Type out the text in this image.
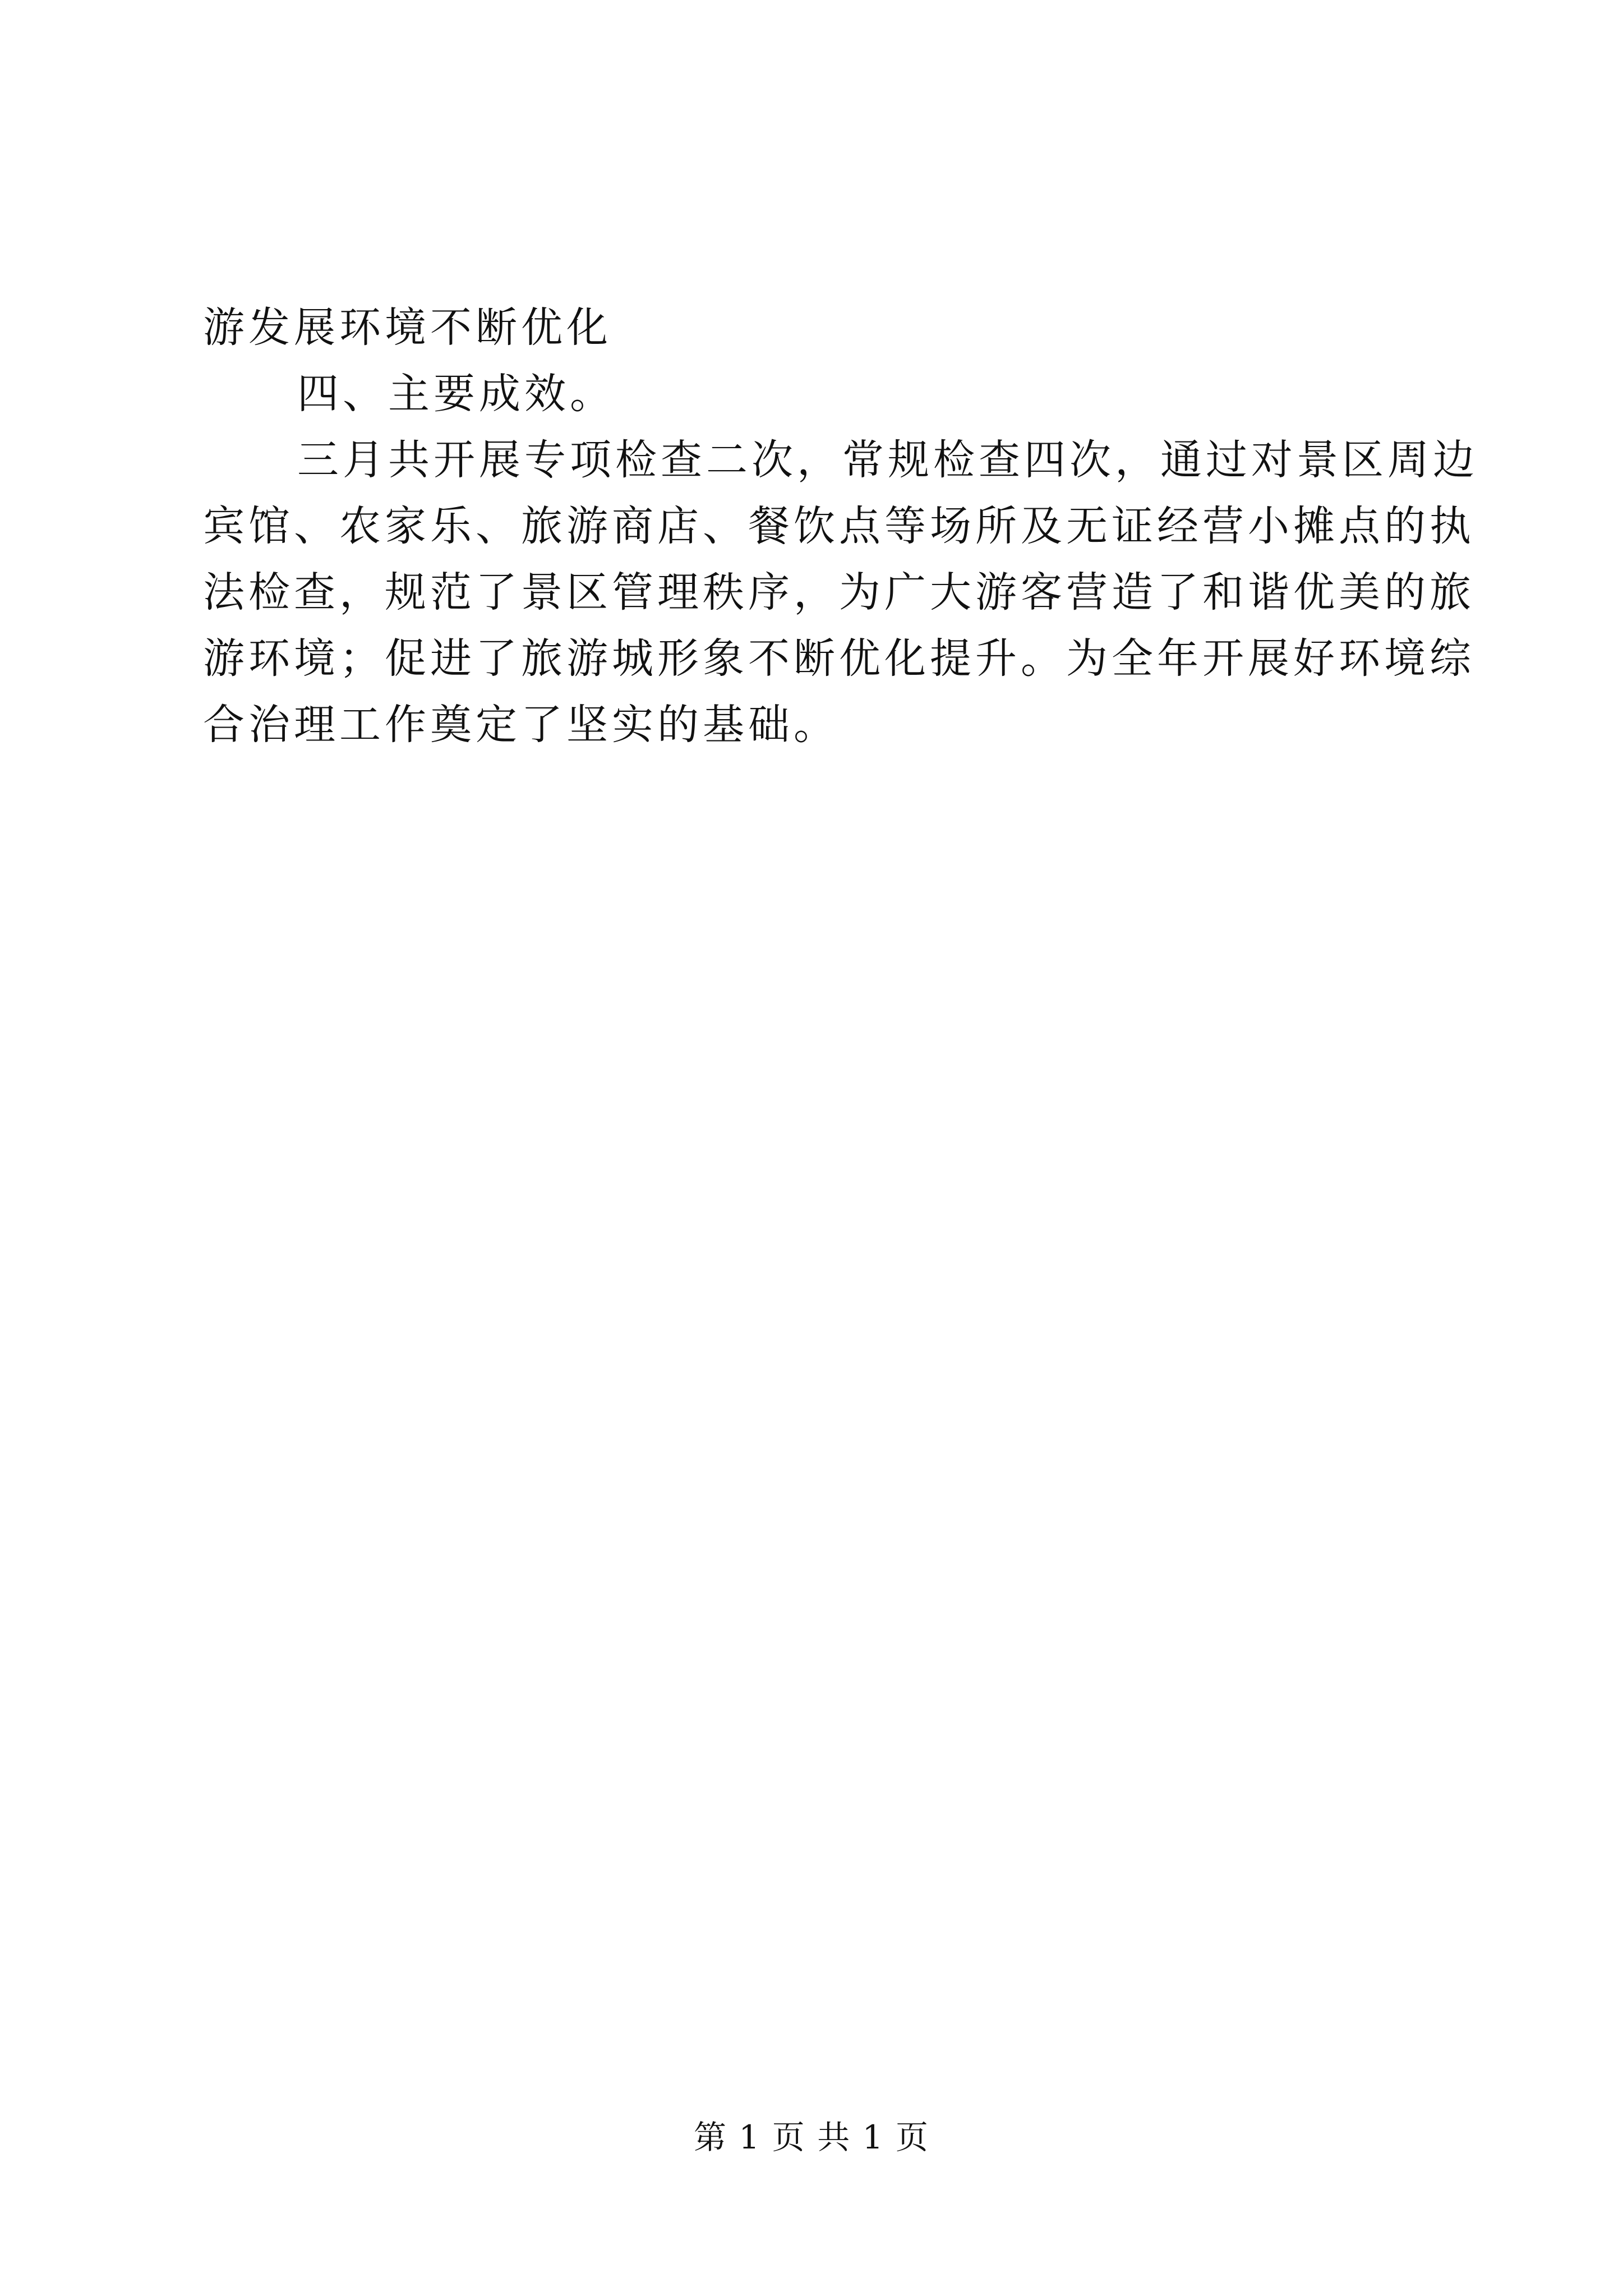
游发展环境不断优化
四、主要成效。
三月共开展专项检查二次，常规检查四次，通过对景区周边
宾馆、农家乐、旅游商店、餐饮点等场所及无证经营小摊点的执
法检查，规范了景区管理秩序，为广大游客营造了和谐优美的旅
游环境；促进了旅游城形象不断优化提升。为全年开展好环境综
合治理工作奠定了坚实的基础。
第 1 页 共 1 页
